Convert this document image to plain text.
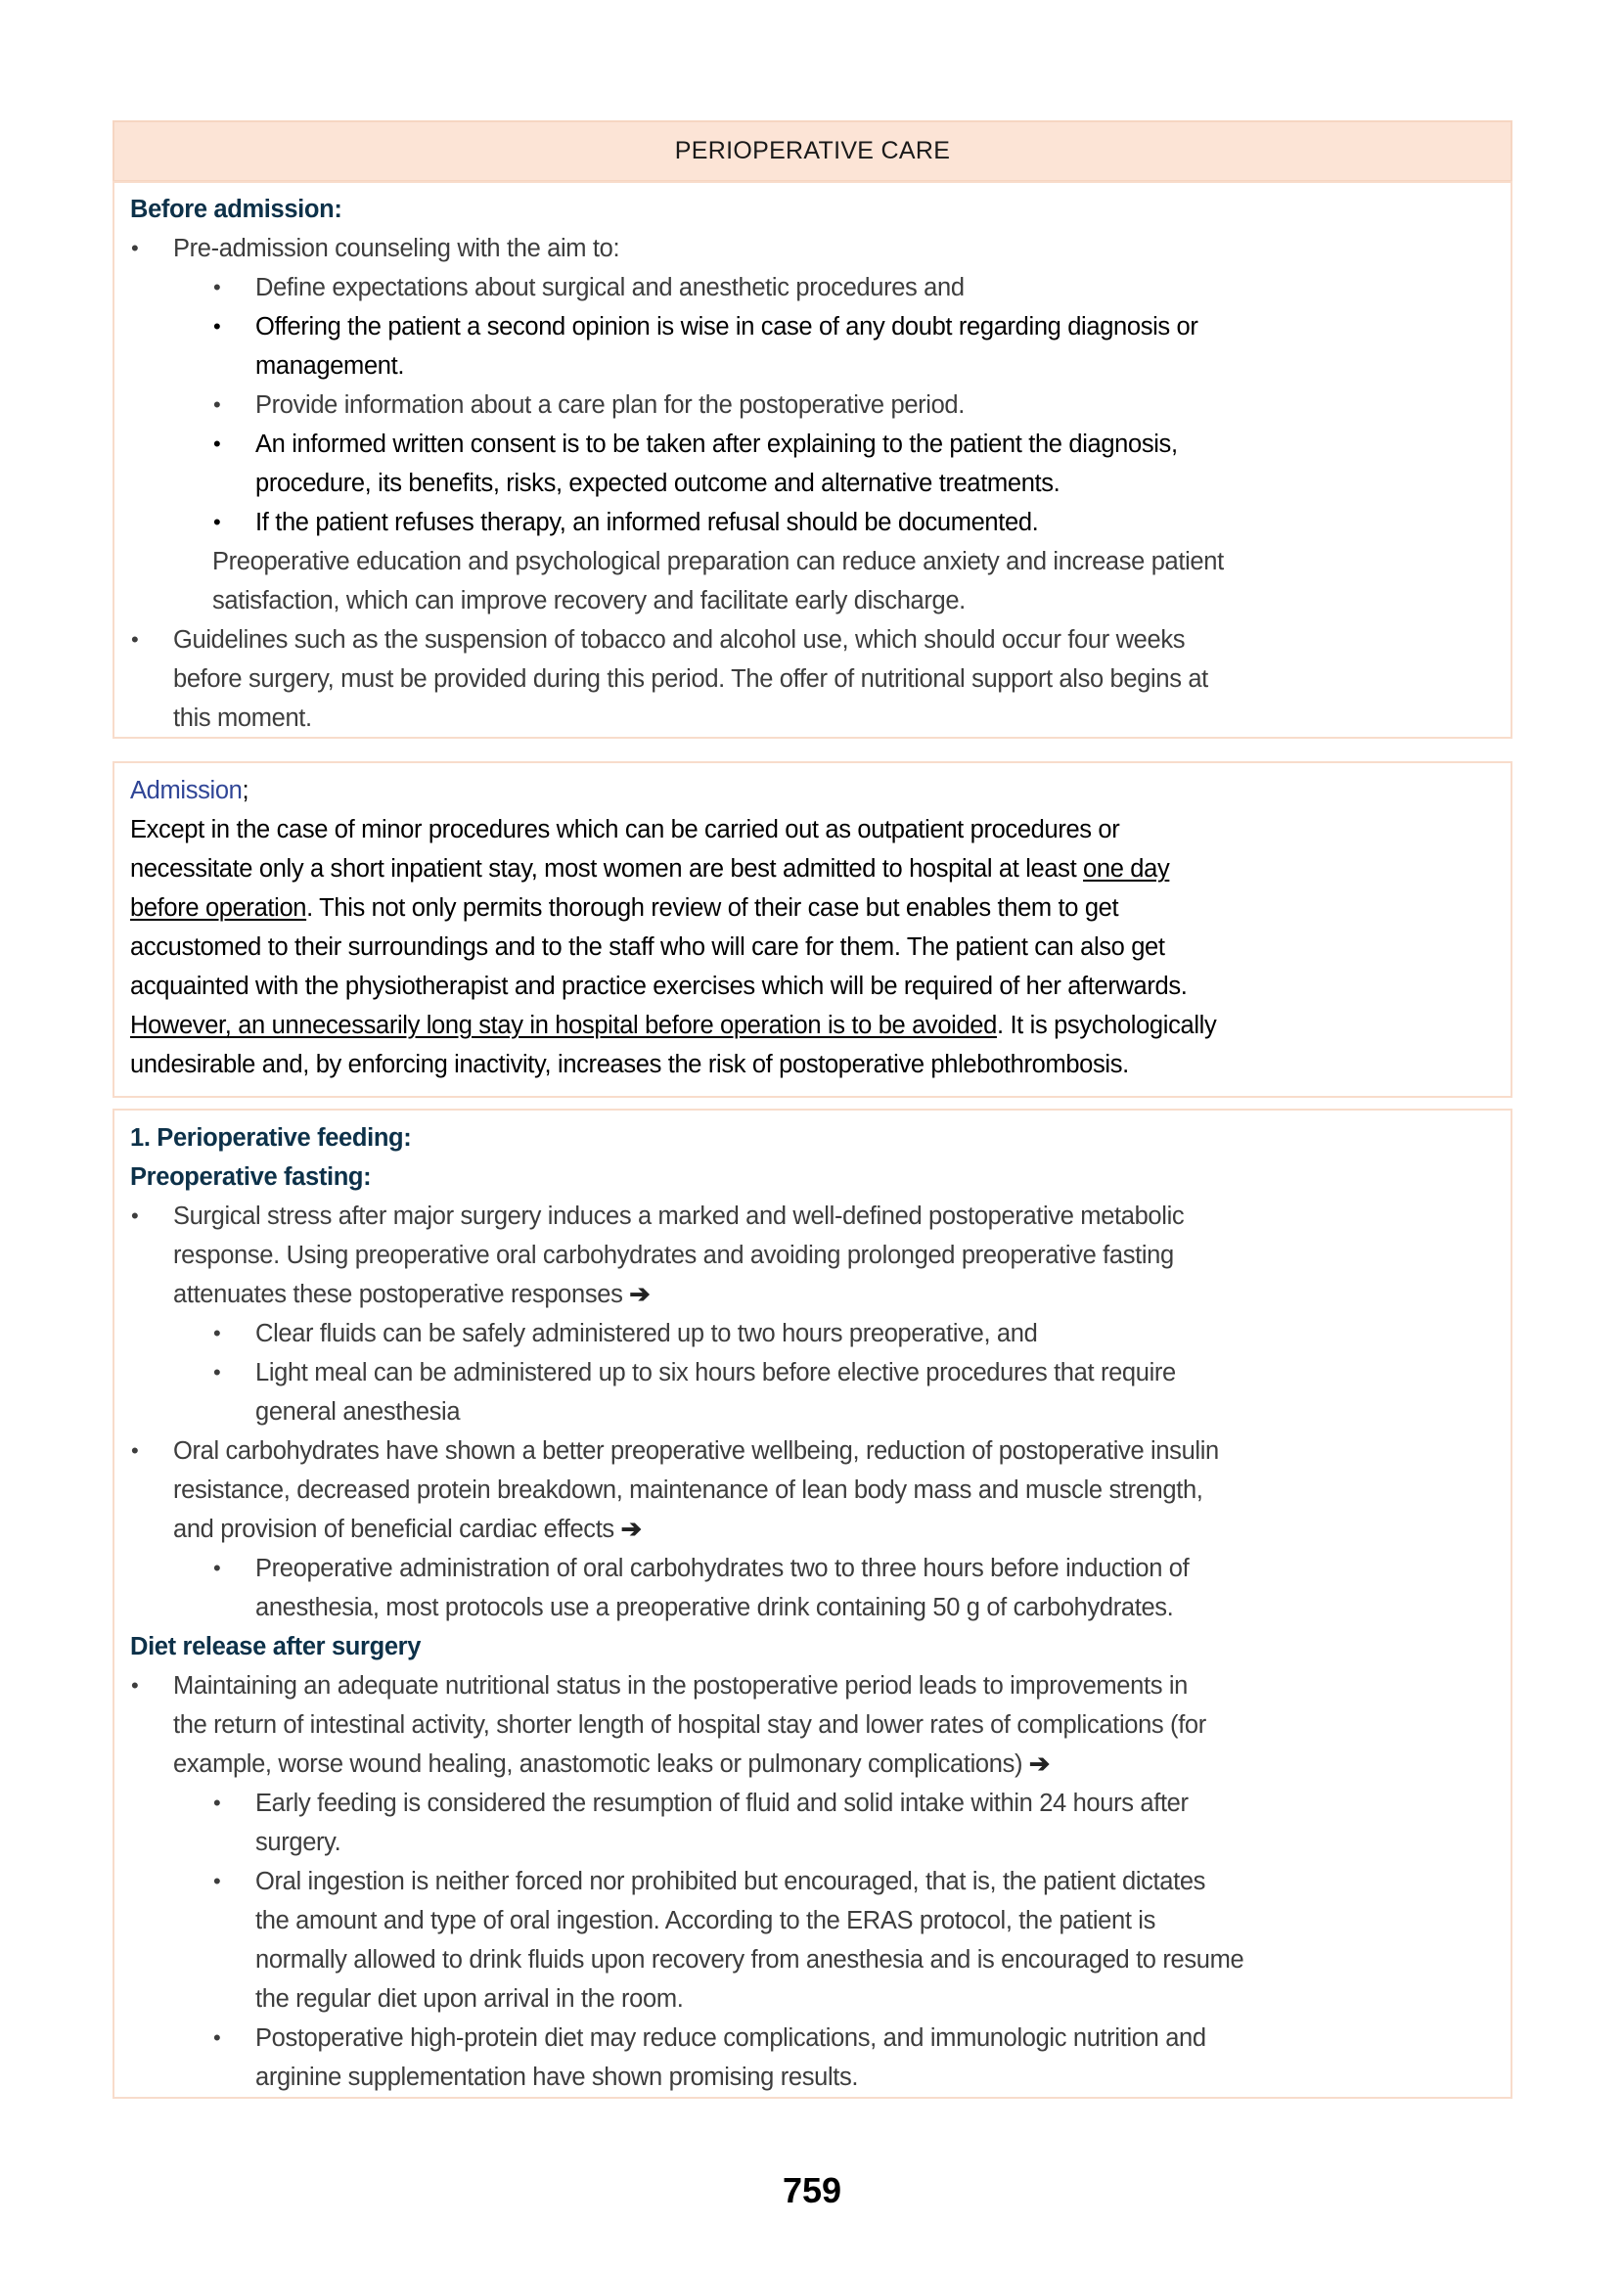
PERIOPERATIVE CARE
Before admission:
• Pre-admission counseling with the aim to:
• Define expectations about surgical and anesthetic procedures and
• Offering the patient a second opinion is wise in case of any doubt regarding diagnosis or
management.
• Provide information about a care plan for the postoperative period.
• An informed written consent is to be taken after explaining to the patient the diagnosis,
procedure, its benefits, risks, expected outcome and alternative treatments.
• If the patient refuses therapy, an informed refusal should be documented.
Preoperative education and psychological preparation can reduce anxiety and increase patient
satisfaction, which can improve recovery and facilitate early discharge.
• Guidelines such as the suspension of tobacco and alcohol use, which should occur four weeks
before surgery, must be provided during this period. The offer of nutritional support also begins at
this moment.
Admission;
Except in the case of minor procedures which can be carried out as outpatient procedures or
necessitate only a short inpatient stay, most women are best admitted to hospital at least one day
before operation. This not only permits thorough review of their case but enables them to get
accustomed to their surroundings and to the staff who will care for them. The patient can also get
acquainted with the physiotherapist and practice exercises which will be required of her afterwards.
However, an unnecessarily long stay in hospital before operation is to be avoided. It is psychologically
undesirable and, by enforcing inactivity, increases the risk of postoperative phlebothrombosis.
1. Perioperative feeding:
Preoperative fasting:
• Surgical stress after major surgery induces a marked and well-defined postoperative metabolic
response. Using preoperative oral carbohydrates and avoiding prolonged preoperative fasting
attenuates these postoperative responses ➔
• Clear fluids can be safely administered up to two hours preoperative, and
• Light meal can be administered up to six hours before elective procedures that require
general anesthesia
• Oral carbohydrates have shown a better preoperative wellbeing, reduction of postoperative insulin
resistance, decreased protein breakdown, maintenance of lean body mass and muscle strength,
and provision of beneficial cardiac effects ➔
• Preoperative administration of oral carbohydrates two to three hours before induction of
anesthesia, most protocols use a preoperative drink containing 50 g of carbohydrates.
Diet release after surgery
• Maintaining an adequate nutritional status in the postoperative period leads to improvements in
the return of intestinal activity, shorter length of hospital stay and lower rates of complications (for
example, worse wound healing, anastomotic leaks or pulmonary complications) ➔
• Early feeding is considered the resumption of fluid and solid intake within 24 hours after
surgery.
• Oral ingestion is neither forced nor prohibited but encouraged, that is, the patient dictates
the amount and type of oral ingestion. According to the ERAS protocol, the patient is
normally allowed to drink fluids upon recovery from anesthesia and is encouraged to resume
the regular diet upon arrival in the room.
• Postoperative high-protein diet may reduce complications, and immunologic nutrition and
arginine supplementation have shown promising results.
759
